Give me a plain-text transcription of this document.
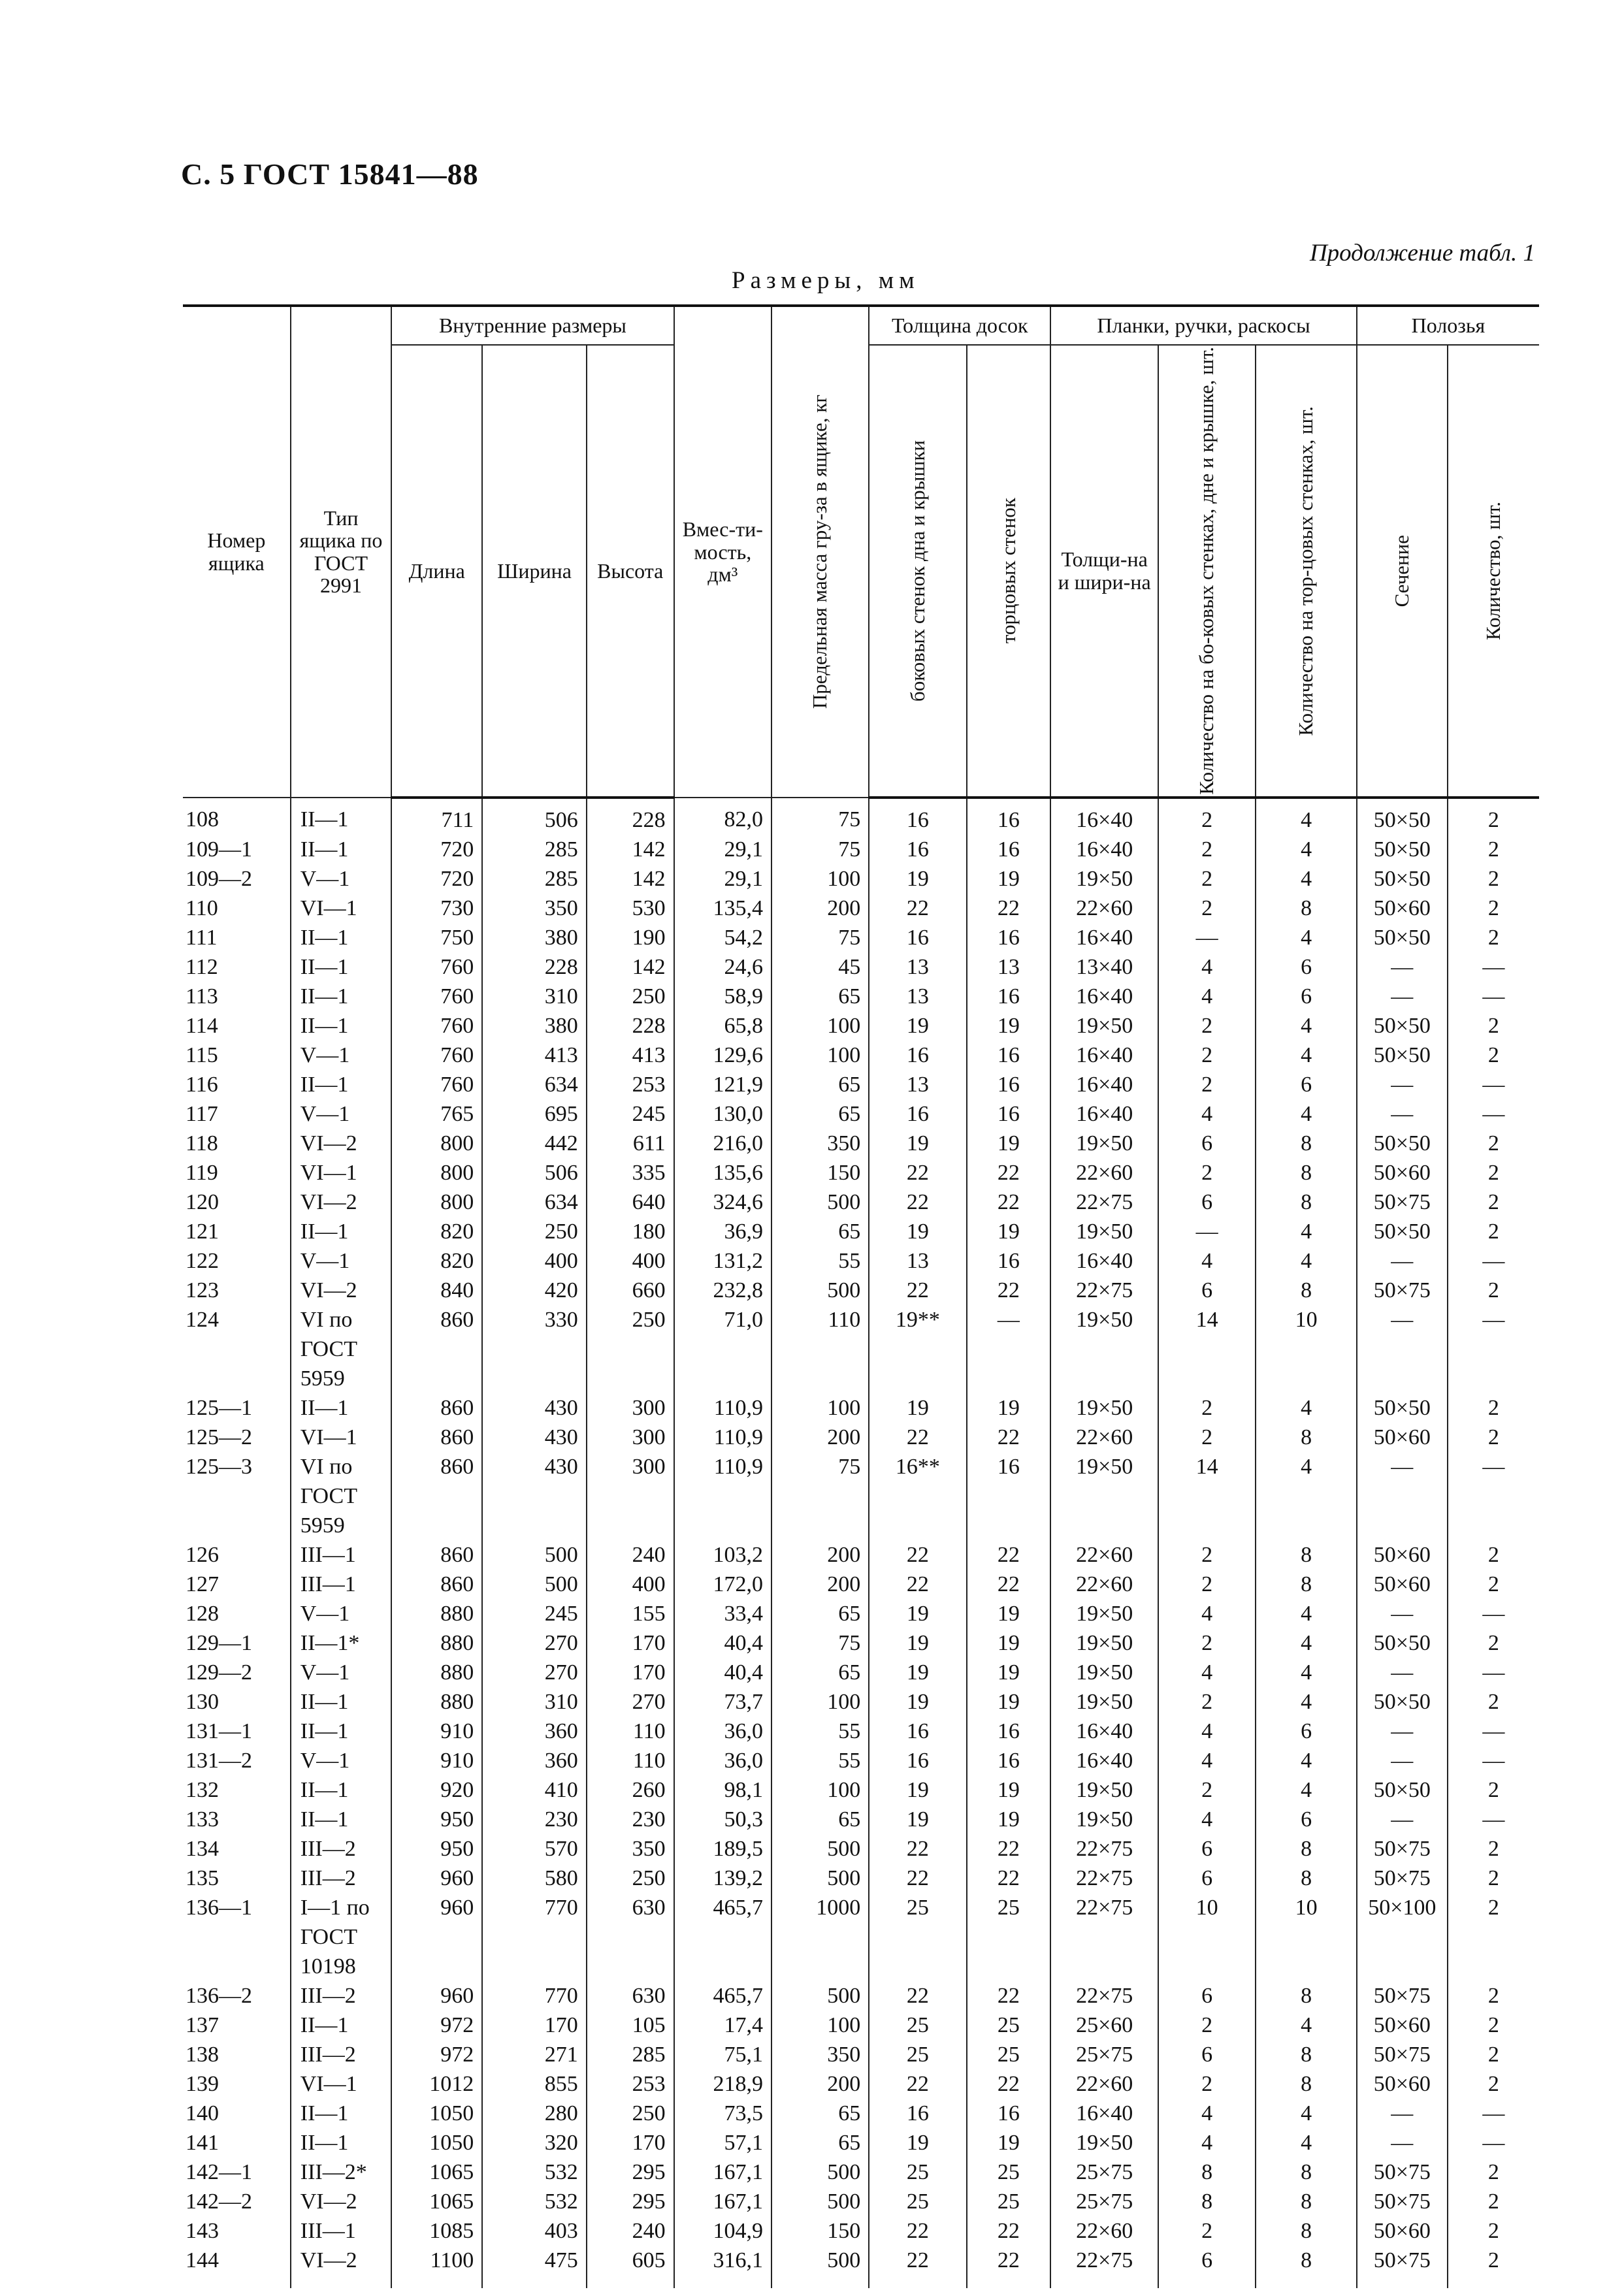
С. 5 ГОСТ 15841—88
Продолжение табл. 1
Размеры, мм
Номер ящика	Тип ящика по ГОСТ 2991	Внутренние размеры			Вмес-ти-мость, дм³	Предельная масса гру-за в ящике, кг	Толщина досок		Планки, ручки, раскосы			Полозья	
		Длина	Ширина	Высота			боковых стенок дна и крышки	торцовых стенок	Толщи-на и шири-на	Количество на бо-ковых стенках, дне и крышке, шт.	Количество на тор-цовых стенках, шт.	Сечение	Количество, шт.

108	II—1	711	506	228	82,0	75	16	16	16×40	2	4	50×50	2
109—1	II—1	720	285	142	29,1	75	16	16	16×40	2	4	50×50	2
109—2	V—1	720	285	142	29,1	100	19	19	19×50	2	4	50×50	2
110	VI—1	730	350	530	135,4	200	22	22	22×60	2	8	50×60	2
111	II—1	750	380	190	54,2	75	16	16	16×40	—	4	50×50	2
112	II—1	760	228	142	24,6	45	13	13	13×40	4	6	—	—
113	II—1	760	310	250	58,9	65	13	16	16×40	4	6	—	—
114	II—1	760	380	228	65,8	100	19	19	19×50	2	4	50×50	2
115	V—1	760	413	413	129,6	100	16	16	16×40	2	4	50×50	2
116	II—1	760	634	253	121,9	65	13	16	16×40	2	6	—	—
117	V—1	765	695	245	130,0	65	16	16	16×40	4	4	—	—
118	VI—2	800	442	611	216,0	350	19	19	19×50	6	8	50×50	2
119	VI—1	800	506	335	135,6	150	22	22	22×60	2	8	50×60	2
120	VI—2	800	634	640	324,6	500	22	22	22×75	6	8	50×75	2
121	II—1	820	250	180	36,9	65	19	19	19×50	—	4	50×50	2
122	V—1	820	400	400	131,2	55	13	16	16×40	4	4	—	—
123	VI—2	840	420	660	232,8	500	22	22	22×75	6	8	50×75	2
124	VI по ГОСТ 5959	860	330	250	71,0	110	19**	—	19×50	14	10	—	—
125—1	II—1	860	430	300	110,9	100	19	19	19×50	2	4	50×50	2
125—2	VI—1	860	430	300	110,9	200	22	22	22×60	2	8	50×60	2
125—3	VI по ГОСТ 5959	860	430	300	110,9	75	16**	16	19×50	14	4	—	—
126	III—1	860	500	240	103,2	200	22	22	22×60	2	8	50×60	2
127	III—1	860	500	400	172,0	200	22	22	22×60	2	8	50×60	2
128	V—1	880	245	155	33,4	65	19	19	19×50	4	4	—	—
129—1	II—1*	880	270	170	40,4	75	19	19	19×50	2	4	50×50	2
129—2	V—1	880	270	170	40,4	65	19	19	19×50	4	4	—	—
130	II—1	880	310	270	73,7	100	19	19	19×50	2	4	50×50	2
131—1	II—1	910	360	110	36,0	55	16	16	16×40	4	6	—	—
131—2	V—1	910	360	110	36,0	55	16	16	16×40	4	4	—	—
132	II—1	920	410	260	98,1	100	19	19	19×50	2	4	50×50	2
133	II—1	950	230	230	50,3	65	19	19	19×50	4	6	—	—
134	III—2	950	570	350	189,5	500	22	22	22×75	6	8	50×75	2
135	III—2	960	580	250	139,2	500	22	22	22×75	6	8	50×75	2
136—1	I—1 по ГОСТ 10198	960	770	630	465,7	1000	25	25	22×75	10	10	50×100	2
136—2	III—2	960	770	630	465,7	500	22	22	22×75	6	8	50×75	2
137	II—1	972	170	105	17,4	100	25	25	25×60	2	4	50×60	2
138	III—2	972	271	285	75,1	350	25	25	25×75	6	8	50×75	2
139	VI—1	1012	855	253	218,9	200	22	22	22×60	2	8	50×60	2
140	II—1	1050	280	250	73,5	65	16	16	16×40	4	4	—	—
141	II—1	1050	320	170	57,1	65	19	19	19×50	4	4	—	—
142—1	III—2*	1065	532	295	167,1	500	25	25	25×75	8	8	50×75	2
142—2	VI—2	1065	532	295	167,1	500	25	25	25×75	8	8	50×75	2
143	III—1	1085	403	240	104,9	150	22	22	22×60	2	8	50×60	2
144	VI—2	1100	475	605	316,1	500	22	22	22×75	6	8	50×75	2
